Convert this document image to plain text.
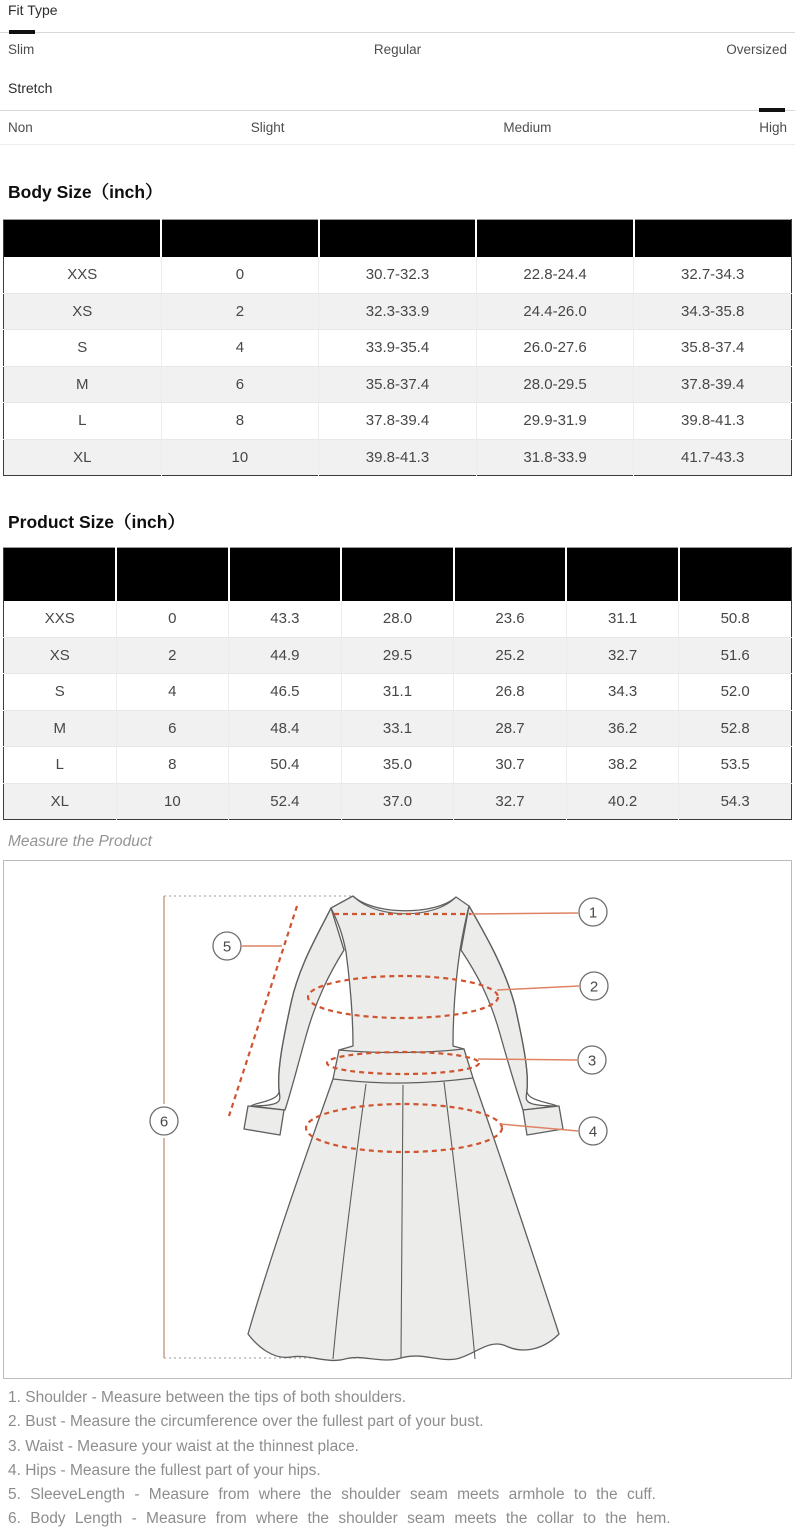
Fit Type
Slim	Regular	Oversized
Stretch
Non	Slight	Medium	High
Body Size（inch）

XXS	0	30.7-32.3	22.8-24.4	32.7-34.3
XS	2	32.3-33.9	24.4-26.0	34.3-35.8
S	4	33.9-35.4	26.0-27.6	35.8-37.4
M	6	35.8-37.4	28.0-29.5	37.8-39.4
L	8	37.8-39.4	29.9-31.9	39.8-41.3
XL	10	39.8-41.3	31.8-33.9	41.7-43.3
Product Size（inch）

XXS	0	43.3	28.0	23.6	31.1	50.8
XS	2	44.9	29.5	25.2	32.7	51.6
S	4	46.5	31.1	26.8	34.3	52.0
M	6	48.4	33.1	28.7	36.2	52.8
L	8	50.4	35.0	30.7	38.2	53.5
XL	10	52.4	37.0	32.7	40.2	54.3
Measure the Product
1
2
3
4
5
6
1. Shoulder - Measure between the tips of both shoulders.
2. Bust - Measure the circumference over the fullest part of your bust.
3. Waist - Measure your waist at the thinnest place.
4. Hips - Measure the fullest part of your hips.
5. SleeveLength - Measure from where the shoulder seam meets armhole to the cuff.
6. Body Length - Measure from where the shoulder seam meets the collar to the hem.
